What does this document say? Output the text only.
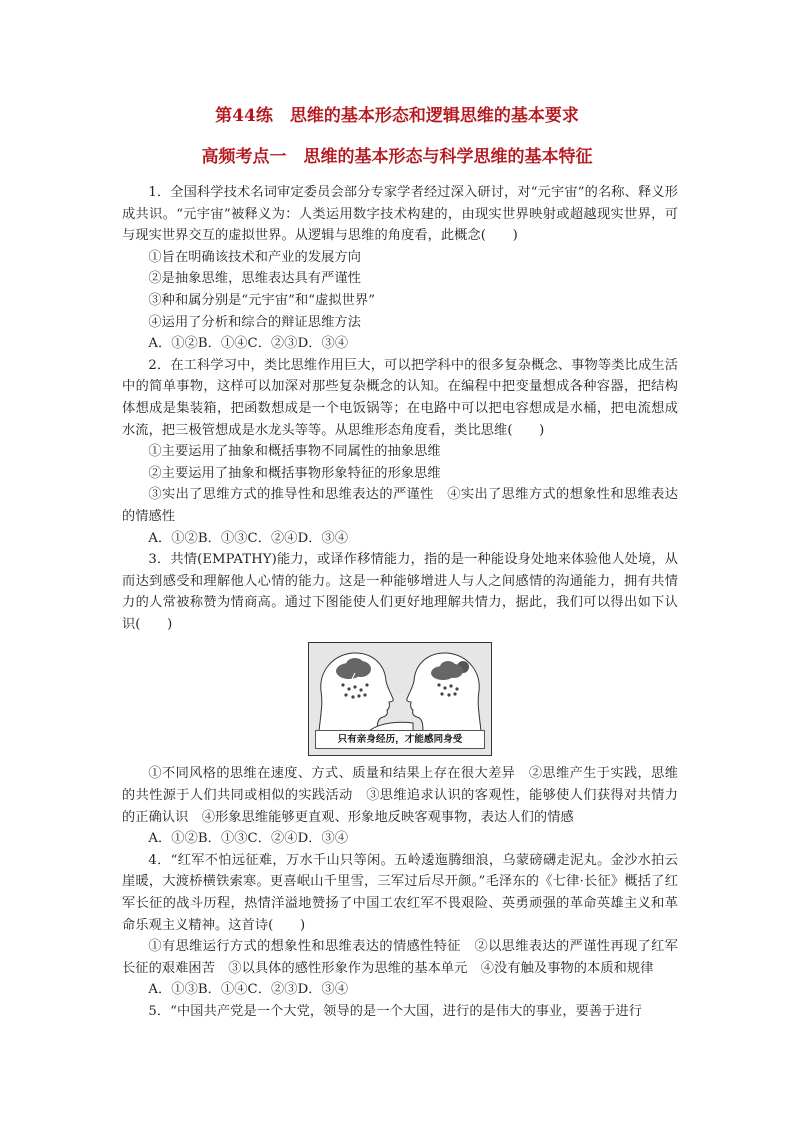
第44练　思维的基本形态和逻辑思维的基本要求
高频考点一　思维的基本形态与科学思维的基本特征

1．全国科学技术名词审定委员会部分专家学者经过深入研讨，对“元宇宙”的名称、释义形成共识。“元宇宙”被释义为：人类运用数字技术构建的，由现实世界映射或超越现实世界，可与现实世界交互的虚拟世界。从逻辑与思维的角度看，此概念(　　)

①旨在明确该技术和产业的发展方向

②是抽象思维，思维表达具有严谨性

③种和属分别是“元宇宙”和“虚拟世界”

④运用了分析和综合的辩证思维方法

A．①②B．①④C．②③D．③④

2．在工科学习中，类比思维作用巨大，可以把学科中的很多复杂概念、事物等类比成生活中的简单事物，这样可以加深对那些复杂概念的认知。在编程中把变量想成各种容器，把结构体想成是集装箱，把函数想成是一个电饭锅等；在电路中可以把电容想成是水桶，把电流想成水流，把三极管想成是水龙头等等。从思维形态角度看，类比思维(　　)

①主要运用了抽象和概括事物不同属性的抽象思维

②主要运用了抽象和概括事物形象特征的形象思维

③实出了思维方式的推导性和思维表达的严谨性　④实出了思维方式的想象性和思维表达的情感性

A．①②B．①③C．②④D．③④

3．共情(EMPATHY)能力，或译作移情能力，指的是一种能设身处地来体验他人处境，从而达到感受和理解他人心情的能力。这是一种能够增进人与人之间感情的沟通能力，拥有共情力的人常被称赞为情商高。通过下图能使人们更好地理解共情力，据此，我们可以得出如下认识(　　)

只有亲身经历，才能感同身受

①不同风格的思维在速度、方式、质量和结果上存在很大差异　②思维产生于实践，思维的共性源于人们共同或相似的实践活动　③思维追求认识的客观性，能够使人们获得对共情力的正确认识　④形象思维能够更直观、形象地反映客观事物，表达人们的情感

A．①②B．①③C．②④D．③④

4．“红军不怕远征难，万水千山只等闲。五岭逶迤腾细浪，乌蒙磅礴走泥丸。金沙水拍云崖暖，大渡桥横铁索寒。更喜岷山千里雪，三军过后尽开颜。”毛泽东的《七律·长征》概括了红军长征的战斗历程，热情洋溢地赞扬了中国工农红军不畏艰险、英勇顽强的革命英雄主义和革命乐观主义精神。这首诗(　　)

①有思维运行方式的想象性和思维表达的情感性特征　②以思维表达的严谨性再现了红军长征的艰难困苦　③以具体的感性形象作为思维的基本单元　④没有触及事物的本质和规律

A．①③B．①④C．②③D．③④

5．“中国共产党是一个大党，领导的是一个大国，进行的是伟大的事业，要善于进行
